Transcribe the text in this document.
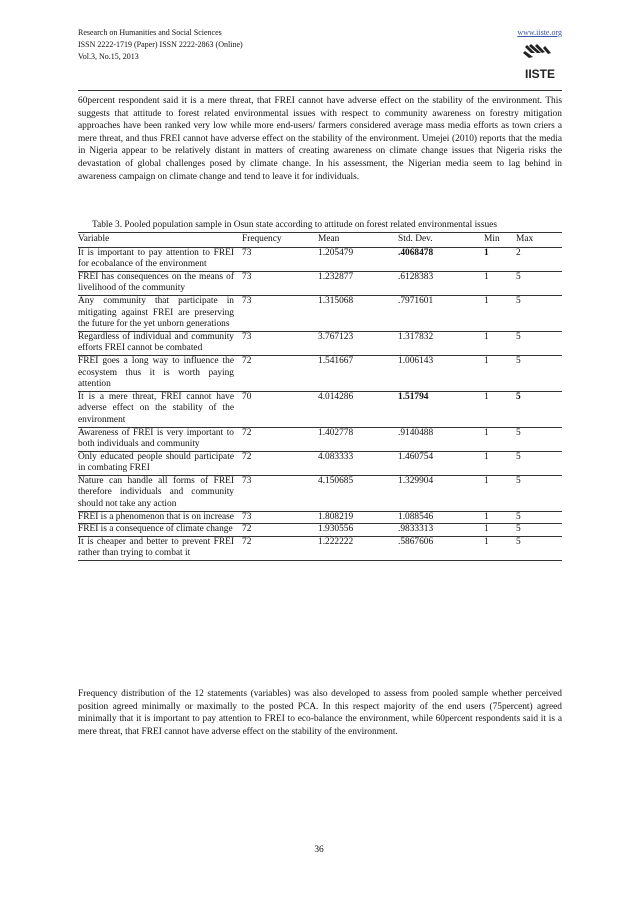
Research on Humanities and Social Sciences
ISSN 2222-1719 (Paper) ISSN 2222-2863 (Online)
Vol.3, No.15, 2013
www.iiste.org
IISTE

60percent respondent said it is a mere threat, that FREI cannot have adverse effect on the stability of the environment. This suggests that attitude to forest related environmental issues with respect to community awareness on forestry mitigation approaches have been ranked very low while more end-users/ farmers considered average mass media efforts as town criers a mere threat, and thus FREI cannot have adverse effect on the stability of the environment. Umejei (2010) reports that the media in Nigeria appear to be relatively distant in matters of creating awareness on climate change issues that Nigeria risks the devastation of global challenges posed by climate change. In his assessment, the Nigerian media seem to lag behind in awareness campaign on climate change and tend to leave it for individuals.

Table 3. Pooled population sample in Osun state according to attitude on forest related environmental issues
Variable	Frequency	Mean	Std. Dev.	Min	Max
It is important to pay attention to FREI for ecobalance of the environment	73	1.205479	.4068478	1	2
FREI has consequences on the means of livelihood of the community	73	1.232877	.6128383	1	5
Any community that participate in mitigating against FREI are preserving the future for the yet unborn generations	73	1.315068	.7971601	1	5
Regardless of individual and community efforts FREI cannot be combated	73	3.767123	1.317832	1	5
FREI goes a long way to influence the ecosystem thus it is worth paying attention	72	1.541667	1.006143	1	5
It is a mere threat, FREI cannot have adverse effect on the stability of the environment	70	4.014286	1.51794	1	5
Awareness of FREI is very important to both individuals and community	72	1.402778	.9140488	1	5
Only educated people should participate in combating FREI	72	4.083333	1.460754	1	5
Nature can handle all forms of FREI therefore individuals and community should not take any action	73	4.150685	1.329904	1	5
FREI is a phenomenon that is on increase	73	1.808219	1.088546	1	5
FREI is a consequence of climate change	72	1.930556	.9833313	1	5
It is cheaper and better to prevent FREI rather than trying to combat it	72	1.222222	.5867606	1	5

Frequency distribution of the 12 statements (variables) was also developed to assess from pooled sample whether perceived position agreed minimally or maximally to the posted PCA. In this respect majority of the end users (75percent) agreed minimally that it is important to pay attention to FREI to eco-balance the environment, while 60percent respondents said it is a mere threat, that FREI cannot have adverse effect on the stability of the environment.

36
